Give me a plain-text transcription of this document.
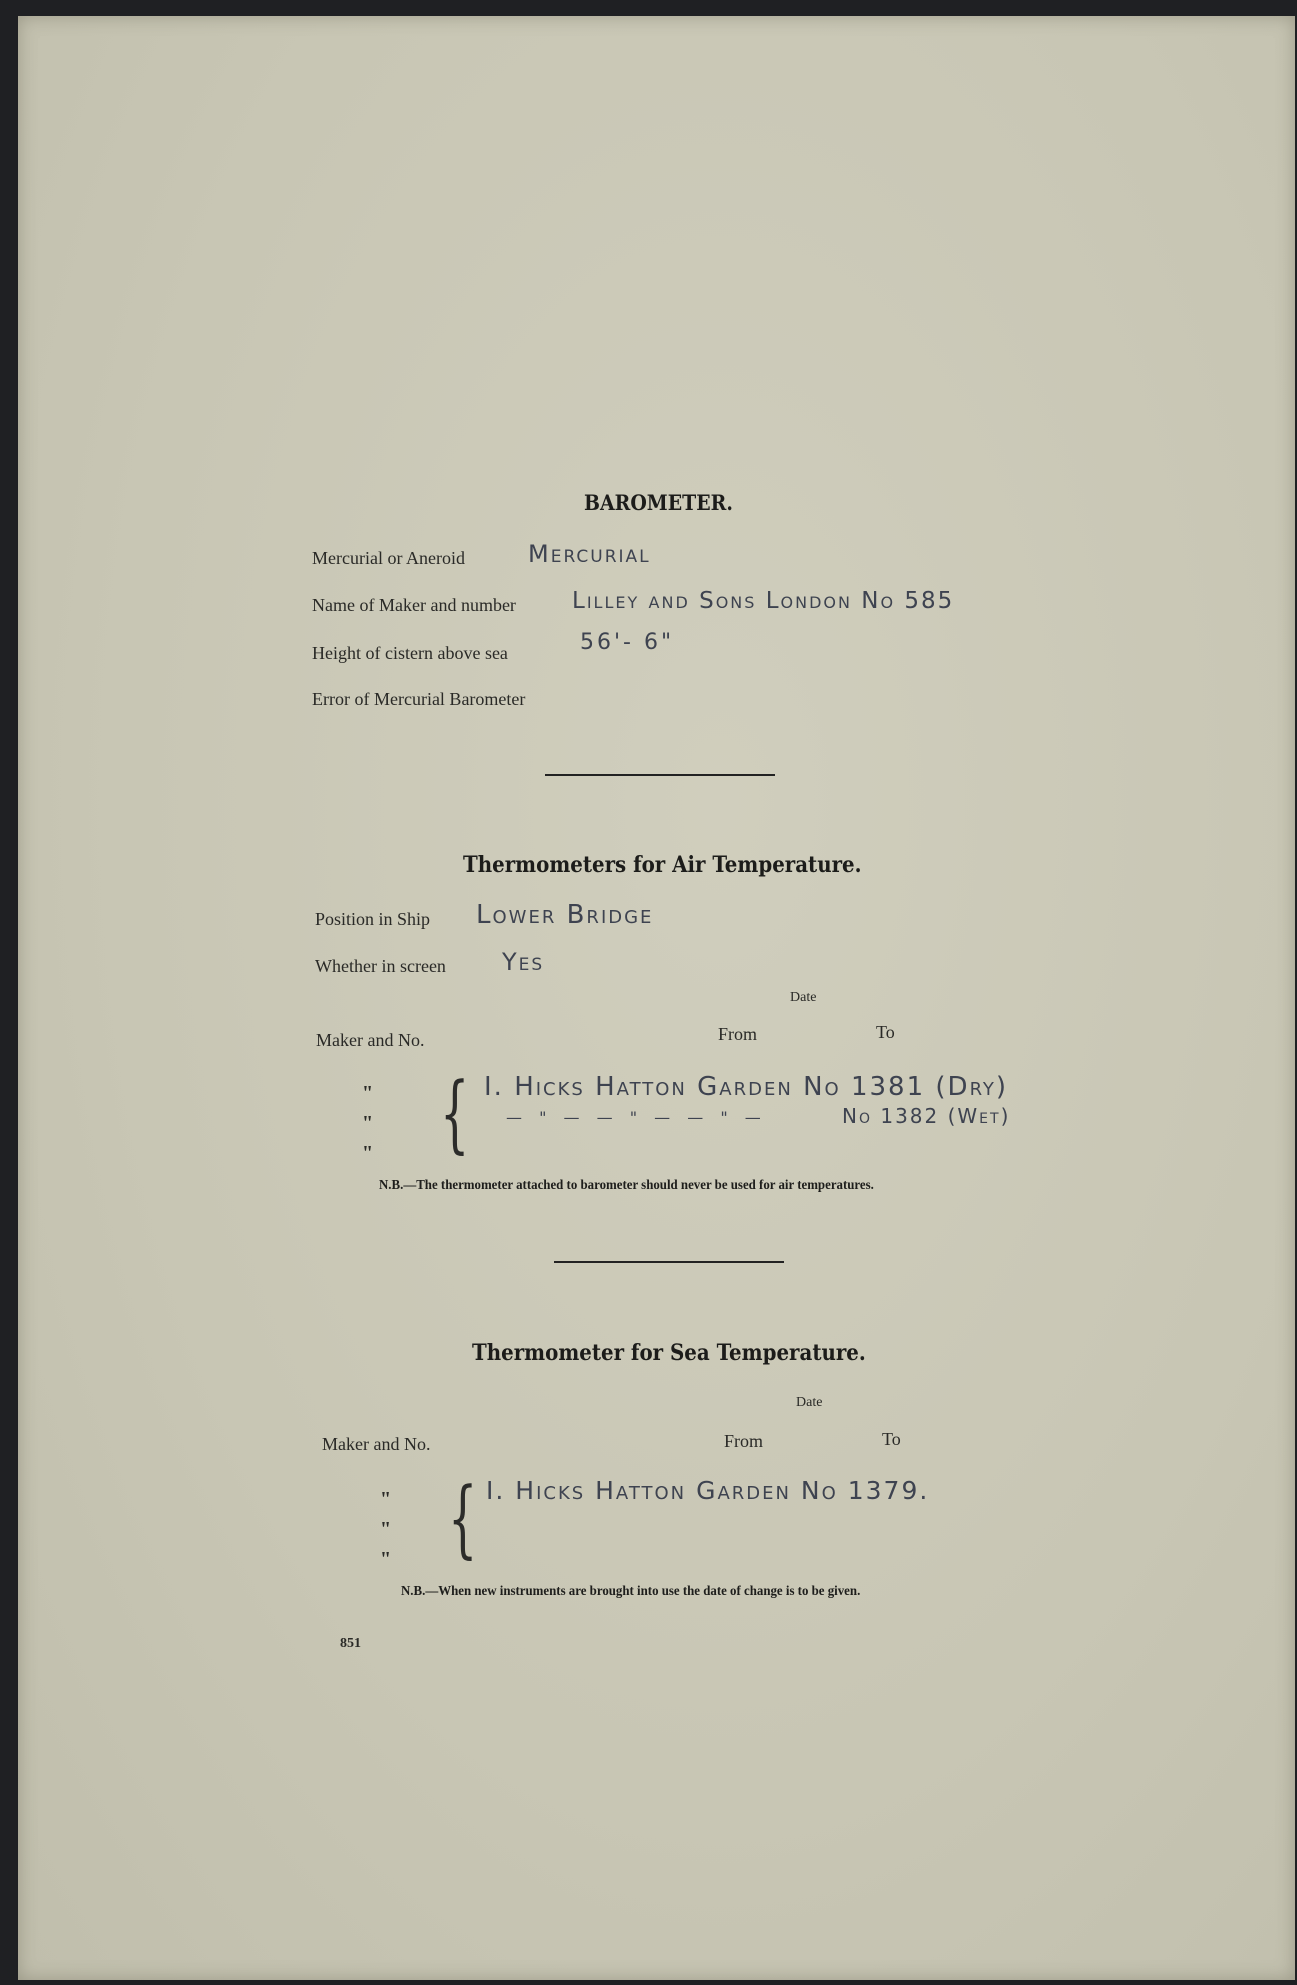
BAROMETER.
Mercurial or Aneroid	Mercurial
Name of Maker and number Lilley and Sons London No 585
Height of cistern above sea	56'- 6"
Error of Mercurial Barometer
Thermometers for Air Temperature.
Position in Ship Lower Bridge
Whether in screen Yes
Date
From	To
Maker and No.
"
"
" { I. Hicks Hatton Garden No 1381 (Dry)
— " — — " — — " —	No 1382 (Wet)
N.B.—The thermometer attached to barometer should never be used for air temperatures.
Thermometer for Sea Temperature.
Date
From	To
Maker and No.
"
"
" { I. Hicks Hatton Garden No 1379.
N.B.—When new instruments are brought into use the date of change is to be given.
851
